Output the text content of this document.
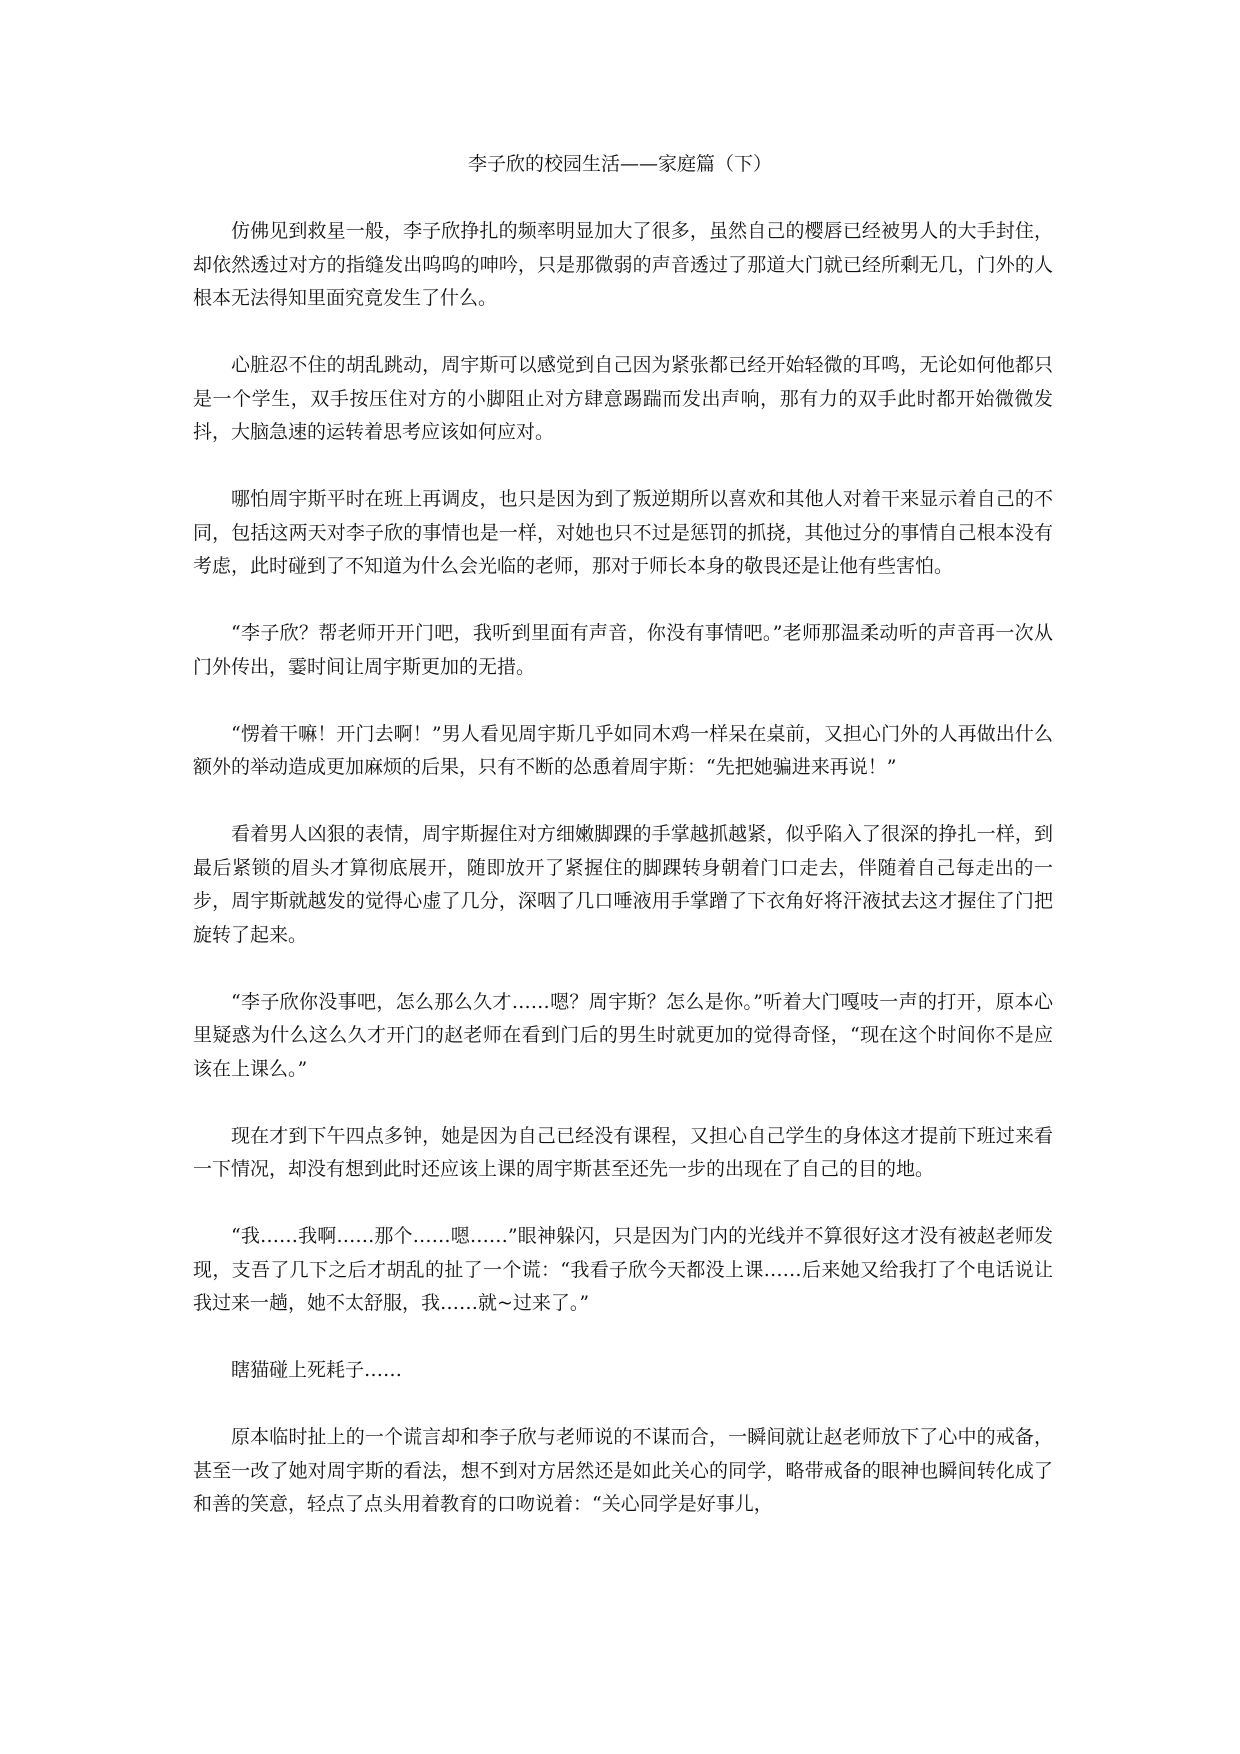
李子欣的校园生活——家庭篇（下）

仿佛见到救星一般，李子欣挣扎的频率明显加大了很多，虽然自己的樱唇已经被男人的大手封住，却依然透过对方的指缝发出呜呜的呻吟，只是那微弱的声音透过了那道大门就已经所剩无几，门外的人根本无法得知里面究竟发生了什么。

心脏忍不住的胡乱跳动，周宇斯可以感觉到自己因为紧张都已经开始轻微的耳鸣，无论如何他都只是一个学生，双手按压住对方的小脚阻止对方肆意踢踹而发出声响，那有力的双手此时都开始微微发抖，大脑急速的运转着思考应该如何应对。

哪怕周宇斯平时在班上再调皮，也只是因为到了叛逆期所以喜欢和其他人对着干来显示着自己的不同，包括这两天对李子欣的事情也是一样，对她也只不过是惩罚的抓挠，其他过分的事情自己根本没有考虑，此时碰到了不知道为什么会光临的老师，那对于师长本身的敬畏还是让他有些害怕。

“李子欣？帮老师开开门吧，我听到里面有声音，你没有事情吧。”老师那温柔动听的声音再一次从门外传出，霎时间让周宇斯更加的无措。

“愣着干嘛！开门去啊！”男人看见周宇斯几乎如同木鸡一样呆在桌前，又担心门外的人再做出什么额外的举动造成更加麻烦的后果，只有不断的怂恿着周宇斯：“先把她骗进来再说！”

看着男人凶狠的表情，周宇斯握住对方细嫩脚踝的手掌越抓越紧，似乎陷入了很深的挣扎一样，到最后紧锁的眉头才算彻底展开，随即放开了紧握住的脚踝转身朝着门口走去，伴随着自己每走出的一步，周宇斯就越发的觉得心虚了几分，深咽了几口唾液用手掌蹭了下衣角好将汗液拭去这才握住了门把旋转了起来。

“李子欣你没事吧，怎么那么久才……嗯？周宇斯？怎么是你。”听着大门嘎吱一声的打开，原本心里疑惑为什么这么久才开门的赵老师在看到门后的男生时就更加的觉得奇怪，“现在这个时间你不是应该在上课么。”

现在才到下午四点多钟，她是因为自己已经没有课程，又担心自己学生的身体这才提前下班过来看一下情况，却没有想到此时还应该上课的周宇斯甚至还先一步的出现在了自己的目的地。

“我……我啊……那个……嗯……”眼神躲闪，只是因为门内的光线并不算很好这才没有被赵老师发现，支吾了几下之后才胡乱的扯了一个谎：“我看子欣今天都没上课……后来她又给我打了个电话说让我过来一趟，她不太舒服，我……就~过来了。”

瞎猫碰上死耗子……

原本临时扯上的一个谎言却和李子欣与老师说的不谋而合，一瞬间就让赵老师放下了心中的戒备，甚至一改了她对周宇斯的看法，想不到对方居然还是如此关心的同学，略带戒备的眼神也瞬间转化成了和善的笑意，轻点了点头用着教育的口吻说着：“关心同学是好事儿，
